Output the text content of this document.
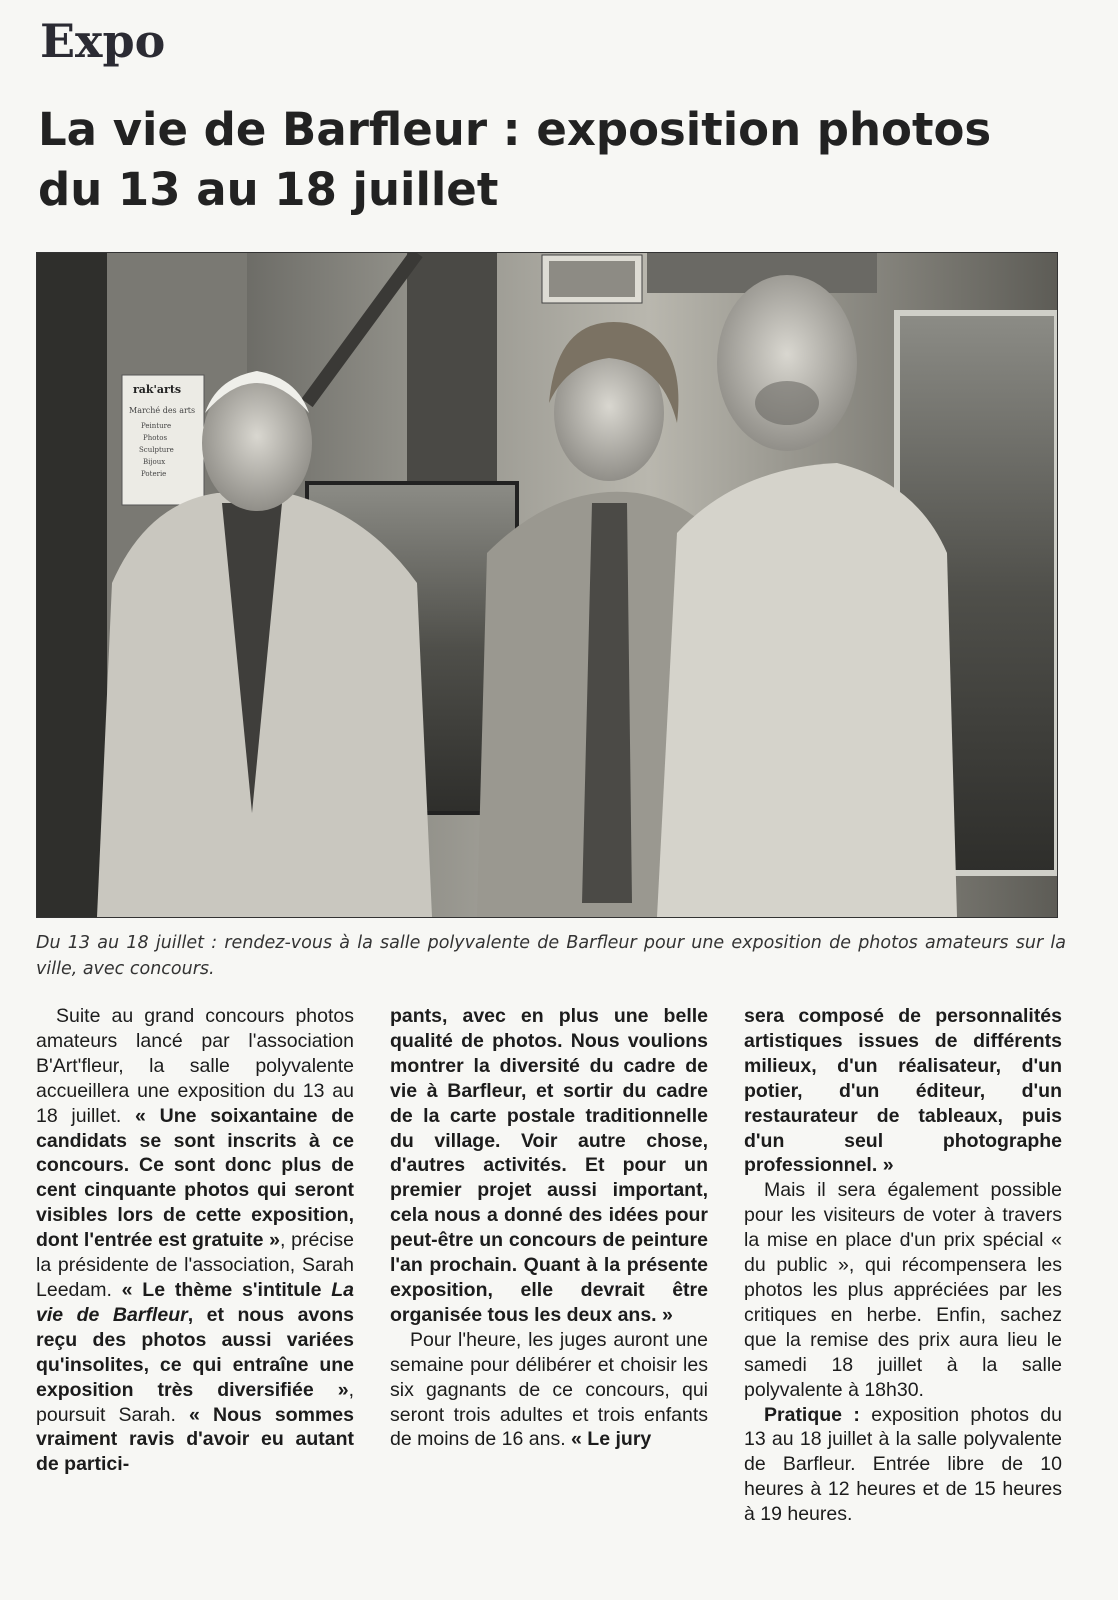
Expo
La vie de Barfleur : exposition photos
du 13 au 18 juillet
rak'arts
Marché des arts
Peinture
Photos
Sculpture
Bijoux
Poterie
Du 13 au 18 juillet : rendez-vous à la salle polyvalente de Barfleur pour une exposition de photos amateurs sur la ville, avec concours.

Suite au grand concours photos amateurs lancé par l'association B'Art'fleur, la salle polyvalente accueillera une exposition du 13 au 18 juillet. « Une soixantaine de candidats se sont inscrits à ce concours. Ce sont donc plus de cent cinquante photos qui seront visibles lors de cette exposition, dont l'entrée est gratuite », précise la présidente de l'association, Sarah Leedam. « Le thème s'intitule La vie de Barfleur, et nous avons reçu des photos aussi variées qu'insolites, ce qui entraîne une exposition très diversifiée », poursuit Sarah. « Nous sommes vraiment ravis d'avoir eu autant de partici-

pants, avec en plus une belle qualité de photos. Nous voulions montrer la diversité du cadre de vie à Barfleur, et sortir du cadre de la carte postale traditionnelle du village. Voir autre chose, d'autres activités. Et pour un premier projet aussi important, cela nous a donné des idées pour peut-être un concours de peinture l'an prochain. Quant à la présente exposition, elle devrait être organisée tous les deux ans. »

Pour l'heure, les juges auront une semaine pour délibérer et choisir les six gagnants de ce concours, qui seront trois adultes et trois enfants de moins de 16 ans. « Le jury

sera composé de personnalités artistiques issues de différents milieux, d'un réalisateur, d'un potier, d'un éditeur, d'un restaurateur de tableaux, puis d'un seul photographe professionnel. »

Mais il sera également possible pour les visiteurs de voter à travers la mise en place d'un prix spécial « du public », qui récompensera les photos les plus appréciées par les critiques en herbe. Enfin, sachez que la remise des prix aura lieu le samedi 18 juillet à la salle polyvalente à 18h30.

Pratique : exposition photos du 13 au 18 juillet à la salle polyvalente de Barfleur. Entrée libre de 10 heures à 12 heures et de 15 heures à 19 heures.
